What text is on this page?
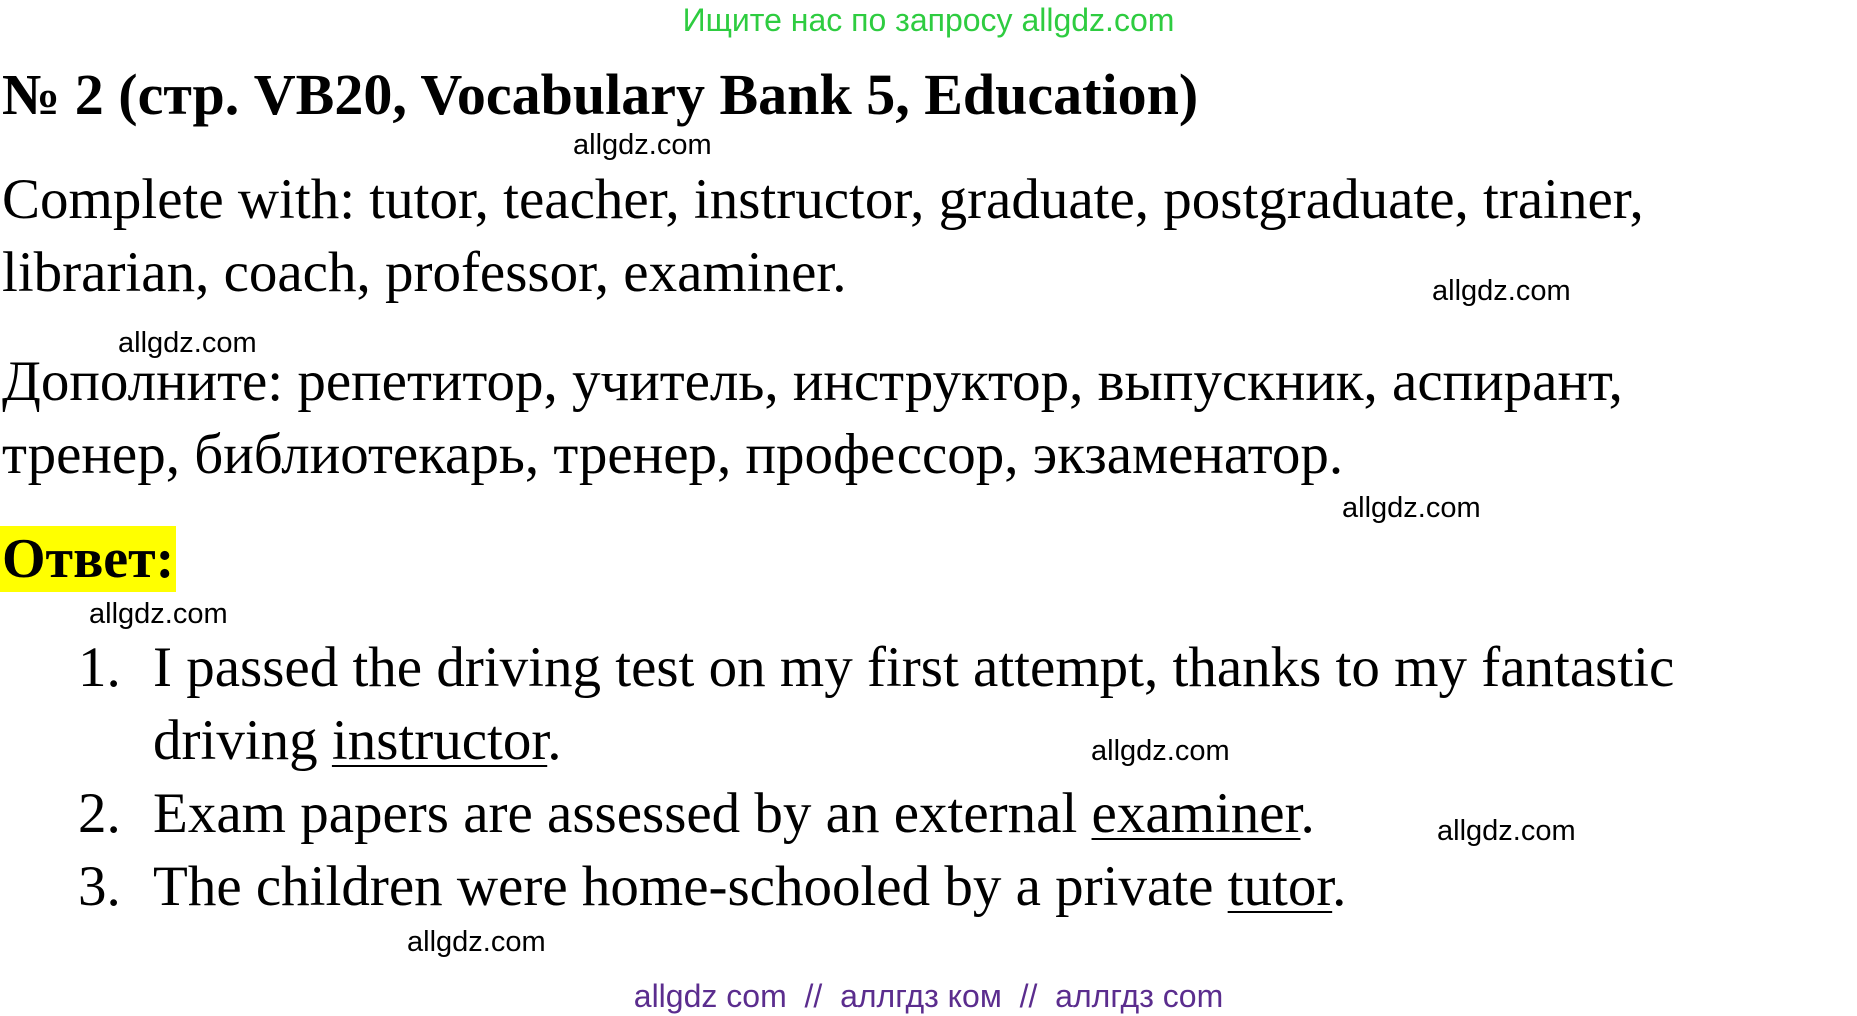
Ищите нас по запросу allgdz.com
№ 2 (стр. VB20, Vocabulary Bank 5, Education)
allgdz.com
Complete with: tutor, teacher, instructor, graduate, postgraduate, trainer, librarian, coach, professor, examiner.	allgdz.com
allgdz.com
Дополните: репетитор, учитель, инструктор, выпускник, аспирант, тренер, библиотекарь, тренер, профессор, экзаменатор.
allgdz.com
Ответ:
allgdz.com
1. I passed the driving test on my first attempt, thanks to my fantastic driving instructor.
2. Exam papers are assessed by an external examiner.
3. The children were home-schooled by a private tutor.
allgdz.com
allgdz.com
allgdz.com
allgdz com  //  аллгдз ком  //  аллгдз com
